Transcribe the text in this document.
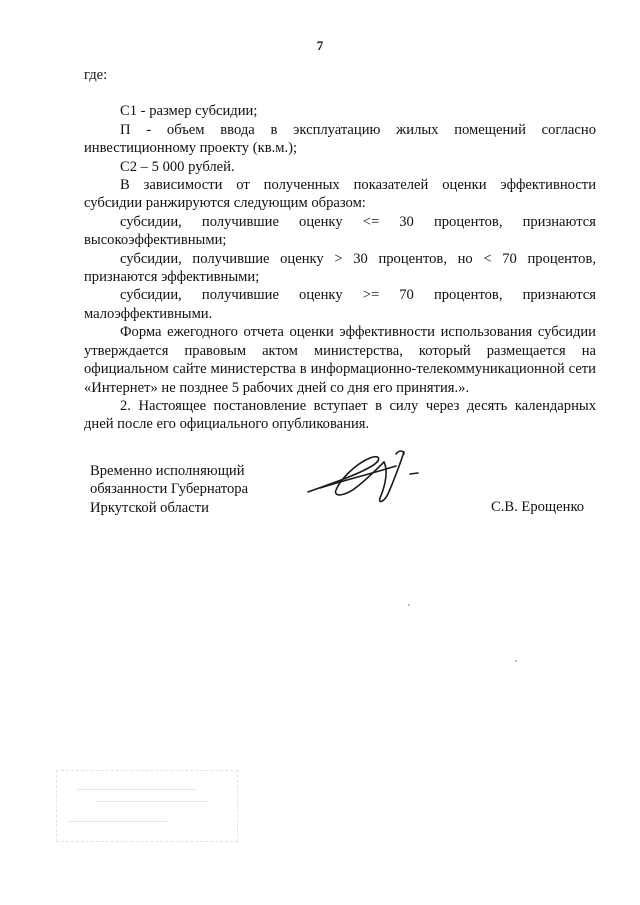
7

где:

С1 - размер субсидии;

П - объем ввода в эксплуатацию жилых помещений согласно инвестиционному проекту (кв.м.);

С2 – 5 000 рублей.

В зависимости от полученных показателей оценки эффективности субсидии ранжируются следующим образом:

субсидии, получившие оценку <= 30 процентов, признаются высокоэффективными;

субсидии, получившие оценку > 30 процентов, но < 70 процентов, признаются эффективными;

субсидии, получившие оценку >= 70 процентов, признаются малоэффективными.

Форма ежегодного отчета оценки эффективности использования субсидии утверждается правовым актом министерства, который размещается на официальном сайте министерства в информационно-телекоммуникационной сети «Интернет» не позднее 5 рабочих дней со дня его принятия.».

2. Настоящее постановление вступает в силу через десять календарных дней после его официального опубликования.

Временно исполняющий
обязанности Губернатора
Иркутской области	С.В. Ерощенко
